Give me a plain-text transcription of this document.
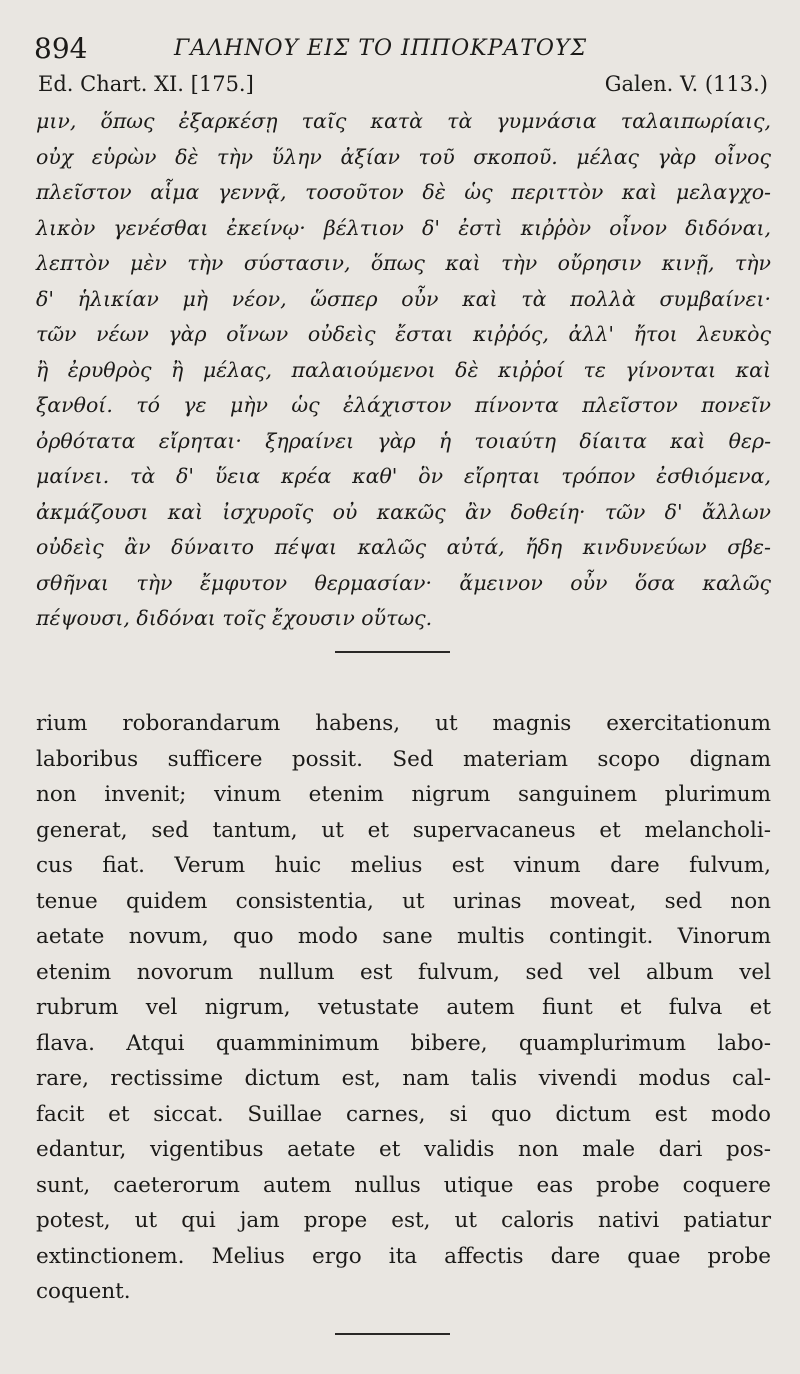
894	ΓΑΛΗΝΟΥ ΕΙΣ ΤΟ ΙΠΠΟΚΡΑΤΟΥΣ
Ed. Chart. XI. [175.]	Galen. V. (113.)
μιν, ὅπως ἐξαρκέσῃ ταῖς κατὰ τὰ γυμνάσια ταλαιπωρίαις,
οὐχ εὑρὼν δὲ τὴν ὕλην ἀξίαν τοῦ σκοποῦ. μέλας γὰρ οἶνος
πλεῖστον αἷμα γεννᾷ, τοσοῦτον δὲ ὡς περιττὸν καὶ μελαγχο-
λικὸν γενέσθαι ἐκείνῳ· βέλτιον δ' ἐστὶ κιῤῥὸν οἶνον διδόναι,
λεπτὸν μὲν τὴν σύστασιν, ὅπως καὶ τὴν οὔρησιν κινῇ, τὴν
δ' ἡλικίαν μὴ νέον, ὥσπερ οὖν καὶ τὰ πολλὰ συμβαίνει·
τῶν νέων γὰρ οἴνων οὐδεὶς ἔσται κιῤῥός, ἀλλ' ἤτοι λευκὸς
ἢ ἐρυθρὸς ἢ μέλας, παλαιούμενοι δὲ κιῤῥοί τε γίνονται καὶ
ξανθοί. τό γε μὴν ὡς ἐλάχιστον πίνοντα πλεῖστον πονεῖν
ὀρθότατα εἴρηται· ξηραίνει γὰρ ἡ τοιαύτη δίαιτα καὶ θερ-
μαίνει. τὰ δ' ὕεια κρέα καθ' ὃν εἴρηται τρόπον ἐσθιόμενα,
ἀκμάζουσι καὶ ἰσχυροῖς οὐ κακῶς ἂν δοθείη· τῶν δ' ἄλλων
οὐδεὶς ἂν δύναιτο πέψαι καλῶς αὐτά, ἤδη κινδυνεύων σβε-
σθῆναι τὴν ἔμφυτον θερμασίαν· ἄμεινον οὖν ὅσα καλῶς
πέψουσι, διδόναι τοῖς ἔχουσιν οὕτως.
rium roborandarum habens, ut magnis exercitationum
laboribus sufficere possit. Sed materiam scopo dignam
non invenit; vinum etenim nigrum sanguinem plurimum
generat, sed tantum, ut et supervacaneus et melancholi-
cus fiat. Verum huic melius est vinum dare fulvum,
tenue quidem consistentia, ut urinas moveat, sed non
aetate novum, quo modo sane multis contingit. Vinorum
etenim novorum nullum est fulvum, sed vel album vel
rubrum vel nigrum, vetustate autem fiunt et fulva et
flava. Atqui quamminimum bibere, quamplurimum labo-
rare, rectissime dictum est, nam talis vivendi modus cal-
facit et siccat. Suillae carnes, si quo dictum est modo
edantur, vigentibus aetate et validis non male dari pos-
sunt, caeterorum autem nullus utique eas probe coquere
potest, ut qui jam prope est, ut caloris nativi patiatur
extinctionem. Melius ergo ita affectis dare quae probe
coquent.
